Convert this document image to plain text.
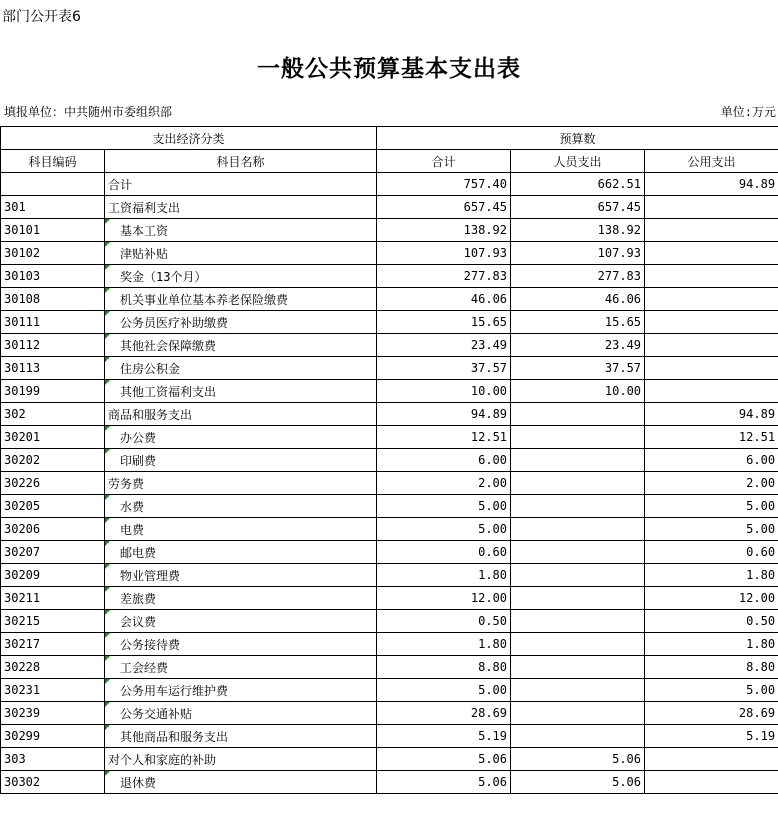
部门公开表6
一般公共预算基本支出表
填报单位：中共随州市委组织部	单位:万元
支出经济分类		预算数		
科目编码	科目名称	合计	人员支出	公用支出
	合计	757.40	662.51	94.89
301	工资福利支出	657.45	657.45	
30101	基本工资	138.92	138.92	
30102	津贴补贴	107.93	107.93	
30103	奖金（13个月）	277.83	277.83	
30108	机关事业单位基本养老保险缴费	46.06	46.06	
30111	公务员医疗补助缴费	15.65	15.65	
30112	其他社会保障缴费	23.49	23.49	
30113	住房公积金	37.57	37.57	
30199	其他工资福利支出	10.00	10.00	
302	商品和服务支出	94.89		94.89
30201	办公费	12.51		12.51
30202	印刷费	6.00		6.00
30226	劳务费	2.00		2.00
30205	水费	5.00		5.00
30206	电费	5.00		5.00
30207	邮电费	0.60		0.60
30209	物业管理费	1.80		1.80
30211	差旅费	12.00		12.00
30215	会议费	0.50		0.50
30217	公务接待费	1.80		1.80
30228	工会经费	8.80		8.80
30231	公务用车运行维护费	5.00		5.00
30239	公务交通补贴	28.69		28.69
30299	其他商品和服务支出	5.19		5.19
303	对个人和家庭的补助	5.06	5.06	
30302	退休费	5.06	5.06	
